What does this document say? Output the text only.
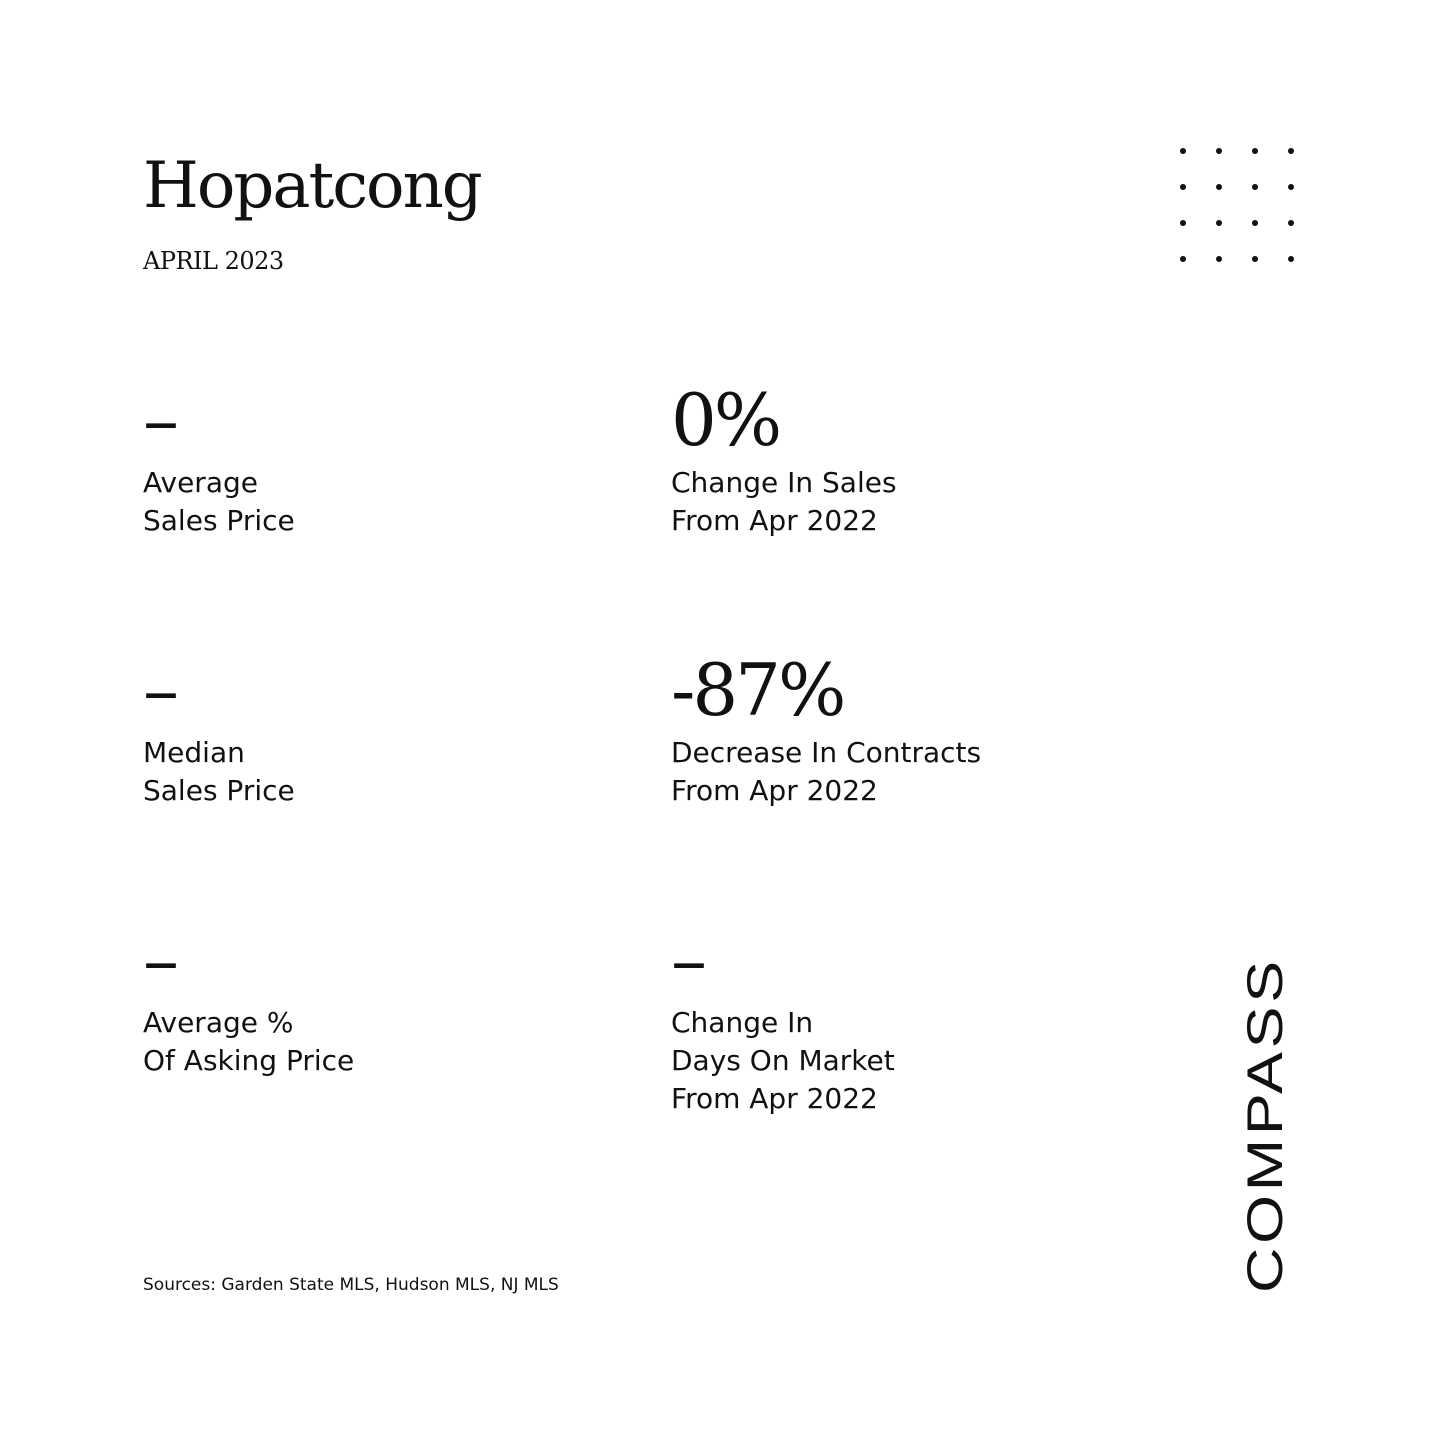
Hopatcong
APRIL 2023
–
Average
Sales Price
0%
Change In Sales
From Apr 2022
–
Median
Sales Price
-87%
Decrease In Contracts
From Apr 2022
–
Average %
Of Asking Price
–
Change In
Days On Market
From Apr 2022
Sources: Garden State MLS, Hudson MLS, NJ MLS	COMPASS
